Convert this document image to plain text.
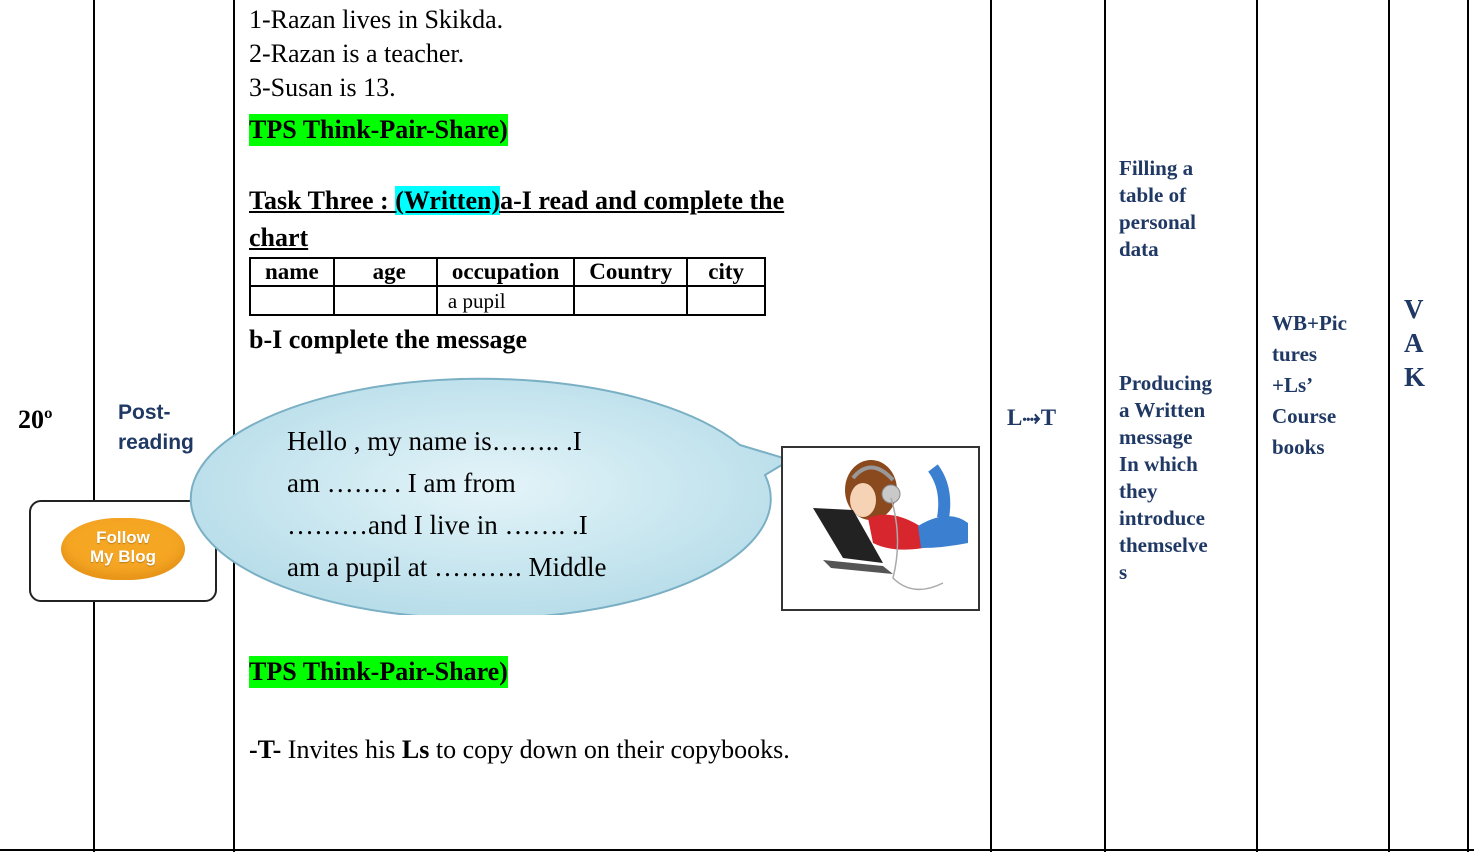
20º	Post-
reading
Follow
My Blog
1-Razan lives in Skikda.
2-Razan is a teacher.
3-Susan is 13.
TPS Think-Pair-Share)
Task Three : (Written)a-I read and complete the
chart
name	age	occupation	Country	city
		a pupil		
b-I complete the message
Hello , my name is…….. .I
am ……. . I am from
………and I live in ……. .I
am a pupil at ………. Middle
TPS Think-Pair-Share)
-T- Invites his Ls to copy down on their copybooks.
L⤑T
Filling a
table of
personal
data
Producing
a Written
message
In which
they
introduce
themselve
s
WB+Pic
tures
+Ls’
Course
books
V
A
K
